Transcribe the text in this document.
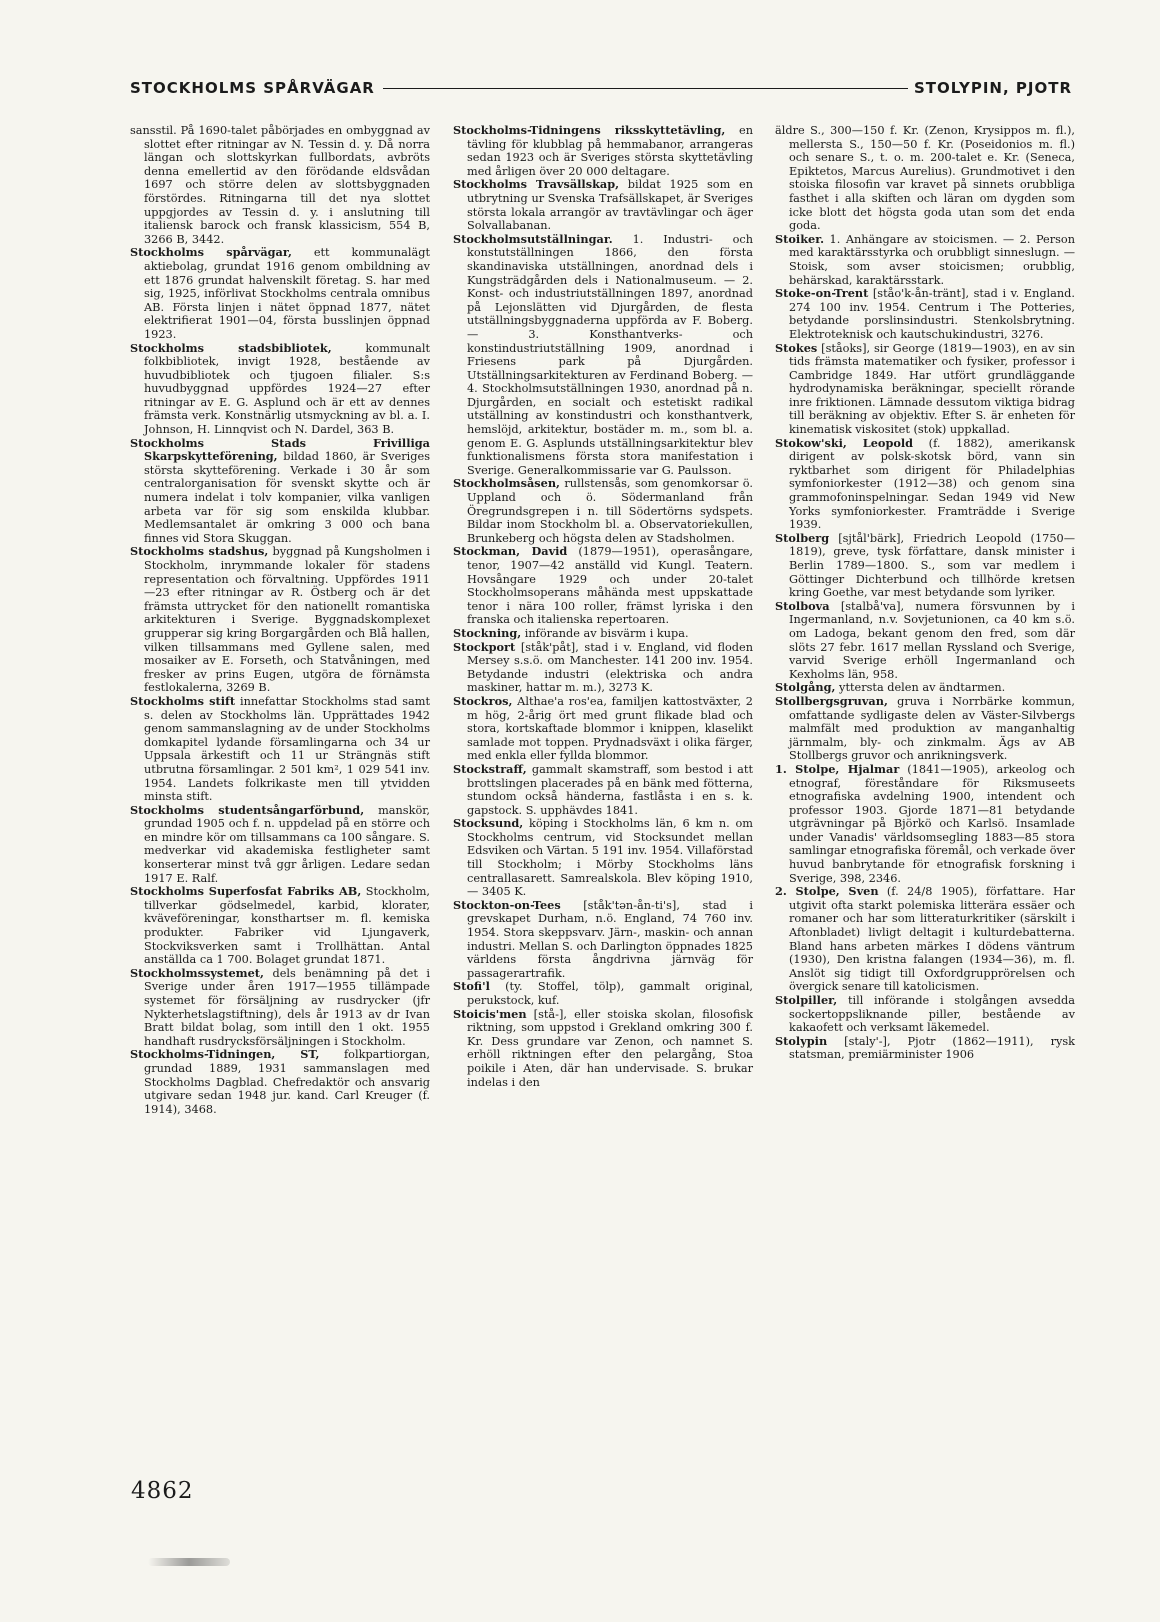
STOCKHOLMS SPÅRVÄGAR	STOLYPIN, PJOTR

sansstil. På 1690-talet påbörjades en ombyggnad av slottet efter ritningar av N. Tessin d. y. Då norra längan och slottskyrkan fullbordats, avbröts denna emellertid av den förödande eldsvådan 1697 och större delen av slottsbyggnaden förstördes. Ritningarna till det nya slottet uppgjordes av Tessin d. y. i anslutning till italiensk barock och fransk klassicism, 554 B, 3266 B, 3442.

Stockholms spårvägar, ett kommunalägt aktiebolag, grundat 1916 genom ombildning av ett 1876 grundat halvenskilt företag. S. har med sig, 1925, införlivat Stockholms centrala omnibus AB. Första linjen i nätet öppnad 1877, nätet elektrifierat 1901—04, första busslinjen öppnad 1923.

Stockholms stadsbibliotek, kommunalt folkbibliotek, invigt 1928, bestående av huvudbibliotek och tjugoen filialer. S:s huvudbyggnad uppfördes 1924—27 efter ritningar av E. G. Asplund och är ett av dennes främsta verk. Konstnärlig utsmyckning av bl. a. I. Johnson, H. Linnqvist och N. Dardel, 363 B.

Stockholms Stads Frivilliga Skarpskytteförening, bildad 1860, är Sveriges största skytteförening. Verkade i 30 år som centralorganisation för svenskt skytte och är numera indelat i tolv kompanier, vilka vanligen arbeta var för sig som enskilda klubbar. Medlemsantalet är omkring 3 000 och bana finnes vid Stora Skuggan.

Stockholms stadshus, byggnad på Kungsholmen i Stockholm, inrymmande lokaler för stadens representation och förvaltning. Uppfördes 1911—23 efter ritningar av R. Östberg och är det främsta uttrycket för den nationellt romantiska arkitekturen i Sverige. Byggnadskomplexet grupperar sig kring Borgargården och Blå hallen, vilken tillsammans med Gyllene salen, med mosaiker av E. Forseth, och Statvåningen, med fresker av prins Eugen, utgöra de förnämsta festlokalerna, 3269 B.

Stockholms stift innefattar Stockholms stad samt s. delen av Stockholms län. Upprättades 1942 genom sammanslagning av de under Stockholms domkapitel lydande församlingarna och 34 ur Uppsala ärkestift och 11 ur Strängnäs stift utbrutna församlingar. 2 501 km², 1 029 541 inv. 1954. Landets folkrikaste men till ytvidden minsta stift.

Stockholms studentsångarförbund, manskör, grundad 1905 och f. n. uppdelad på en större och en mindre kör om tillsammans ca 100 sångare. S. medverkar vid akademiska festligheter samt konserterar minst två ggr årligen. Ledare sedan 1917 E. Ralf.

Stockholms Superfosfat Fabriks AB, Stockholm, tillverkar gödselmedel, karbid, klorater, kväveföreningar, konsthartser m. fl. kemiska produkter. Fabriker vid Ljungaverk, Stockviksverken samt i Trollhättan. Antal anställda ca 1 700. Bolaget grundat 1871.

Stockholmssystemet, dels benämning på det i Sverige under åren 1917—1955 tillämpade systemet för försäljning av rusdrycker (jfr Nykterhetslagstiftning), dels år 1913 av dr Ivan Bratt bildat bolag, som intill den 1 okt. 1955 handhaft rusdrycksförsäljningen i Stockholm.

Stockholms-Tidningen, ST, folkpartiorgan, grundad 1889, 1931 sammanslagen med Stockholms Dagblad. Chefredaktör och ansvarig utgivare sedan 1948 jur. kand. Carl Kreuger (f. 1914), 3468.

Stockholms-Tidningens riksskyttetävling, en tävling för klubblag på hemmabanor, arrangeras sedan 1923 och är Sveriges största skyttetävling med årligen över 20 000 deltagare.

Stockholms Travsällskap, bildat 1925 som en utbrytning ur Svenska Trafsällskapet, är Sveriges största lokala arrangör av travtävlingar och äger Solvallabanan.

Stockholmsutställningar. 1. Industri- och konstutställningen 1866, den första skandinaviska utställningen, anordnad dels i Kungsträdgården dels i Nationalmuseum. — 2. Konst- och industriutställningen 1897, anordnad på Lejonslätten vid Djurgården, de flesta utställningsbyggnaderna uppförda av F. Boberg. — 3. Konsthantverks- och konstindustriutställning 1909, anordnad i Friesens park på Djurgården. Utställningsarkitekturen av Ferdinand Boberg. — 4. Stockholmsutställningen 1930, anordnad på n. Djurgården, en socialt och estetiskt radikal utställning av konstindustri och konsthantverk, hemslöjd, arkitektur, bostäder m. m., som bl. a. genom E. G. Asplunds utställningsarkitektur blev funktionalismens första stora manifestation i Sverige. Generalkommissarie var G. Paulsson.

Stockholmsåsen, rullstensås, som genomkorsar ö. Uppland och ö. Södermanland från Öregrundsgrepen i n. till Södertörns sydspets. Bildar inom Stockholm bl. a. Observatoriekullen, Brunkeberg och högsta delen av Stadsholmen.

Stockman, David (1879—1951), operasångare, tenor, 1907—42 anställd vid Kungl. Teatern. Hovsångare 1929 och under 20-talet Stockholmsoperans måhända mest uppskattade tenor i nära 100 roller, främst lyriska i den franska och italienska repertoaren.

Stockning, införande av bisvärm i kupa.

Stockport [ståk'påt], stad i v. England, vid floden Mersey s.s.ö. om Manchester. 141 200 inv. 1954. Betydande industri (elektriska och andra maskiner, hattar m. m.), 3273 K.

Stockros, Althae'a ros'ea, familjen kattostväxter, 2 m hög, 2-årig ört med grunt flikade blad och stora, kortskaftade blommor i knippen, klaselikt samlade mot toppen. Prydnadsväxt i olika färger, med enkla eller fyllda blommor.

Stockstraff, gammalt skamstraff, som bestod i att brottslingen placerades på en bänk med fötterna, stundom också händerna, fastlåsta i en s. k. gapstock. S. upphävdes 1841.

Stocksund, köping i Stockholms län, 6 km n. om Stockholms centrum, vid Stocksundet mellan Edsviken och Värtan. 5 191 inv. 1954. Villaförstad till Stockholm; i Mörby Stockholms läns centrallasarett. Samrealskola. Blev köping 1910, — 3405 K.

Stockton-on-Tees [ståk'tən-ån-ti's], stad i grevskapet Durham, n.ö. England, 74 760 inv. 1954. Stora skeppsvarv. Järn-, maskin- och annan industri. Mellan S. och Darlington öppnades 1825 världens första ångdrivna järnväg för passagerartrafik.

Stofi'l (ty. Stoffel, tölp), gammalt original, perukstock, kuf.

Stoicis'men [stå-], eller stoiska skolan, filosofisk riktning, som uppstod i Grekland omkring 300 f. Kr. Dess grundare var Zenon, och namnet S. erhöll riktningen efter den pelargång, Stoa poikile i Aten, där han undervisade. S. brukar indelas i den

äldre S., 300—150 f. Kr. (Zenon, Krysippos m. fl.), mellersta S., 150—50 f. Kr. (Poseidonios m. fl.) och senare S., t. o. m. 200-talet e. Kr. (Seneca, Epiktetos, Marcus Aurelius). Grundmotivet i den stoiska filosofin var kravet på sinnets orubbliga fasthet i alla skiften och läran om dygden som icke blott det högsta goda utan som det enda goda.

Stoiker. 1. Anhängare av stoicismen. — 2. Person med karaktärsstyrka och orubbligt sinneslugn. — Stoisk, som avser stoicismen; orubblig, behärskad, karaktärsstark.

Stoke-on-Trent [ståo'k-ån-tränt], stad i v. England. 274 100 inv. 1954. Centrum i The Potteries, betydande porslinsindustri. Stenkolsbrytning. Elektroteknisk och kautschukindustri, 3276.

Stokes [ståoks], sir George (1819—1903), en av sin tids främsta matematiker och fysiker, professor i Cambridge 1849. Har utfört grundläggande hydrodynamiska beräkningar, speciellt rörande inre friktionen. Lämnade dessutom viktiga bidrag till beräkning av objektiv. Efter S. är enheten för kinematisk viskositet (stok) uppkallad.

Stokow'ski, Leopold (f. 1882), amerikansk dirigent av polsk-skotsk börd, vann sin ryktbarhet som dirigent för Philadelphias symfoniorkester (1912—38) och genom sina grammofoninspelningar. Sedan 1949 vid New Yorks symfoniorkester. Framträdde i Sverige 1939.

Stolberg [sjtål'bärk], Friedrich Leopold (1750—1819), greve, tysk författare, dansk minister i Berlin 1789—1800. S., som var medlem i Göttinger Dichterbund och tillhörde kretsen kring Goethe, var mest betydande som lyriker.

Stolbova [stalbå'va], numera försvunnen by i Ingermanland, n.v. Sovjetunionen, ca 40 km s.ö. om Ladoga, bekant genom den fred, som där slöts 27 febr. 1617 mellan Ryssland och Sverige, varvid Sverige erhöll Ingermanland och Kexholms län, 958.

Stolgång, yttersta delen av ändtarmen.

Stollbergsgruvan, gruva i Norrbärke kommun, omfattande sydligaste delen av Väster-Silvbergs malmfält med produktion av manganhaltig järnmalm, bly- och zinkmalm. Ägs av AB Stollbergs gruvor och anrikningsverk.

1. Stolpe, Hjalmar (1841—1905), arkeolog och etnograf, föreståndare för Riksmuseets etnografiska avdelning 1900, intendent och professor 1903. Gjorde 1871—81 betydande utgrävningar på Björkö och Karlsö. Insamlade under Vanadis' världsomsegling 1883—85 stora samlingar etnografiska föremål, och verkade över huvud banbrytande för etnografisk forskning i Sverige, 398, 2346.

2. Stolpe, Sven (f. 24/8 1905), författare. Har utgivit ofta starkt polemiska litterära essäer och romaner och har som litteraturkritiker (särskilt i Aftonbladet) livligt deltagit i kulturdebatterna. Bland hans arbeten märkes I dödens väntrum (1930), Den kristna falangen (1934—36), m. fl. Anslöt sig tidigt till Oxfordgrupprörelsen och övergick senare till katolicismen.

Stolpiller, till införande i stolgången avsedda sockertoppsliknande piller, bestående av kakaofett och verksamt läkemedel.

Stolypin [staly'-], Pjotr (1862—1911), rysk statsman, premiärminister 1906

4862
